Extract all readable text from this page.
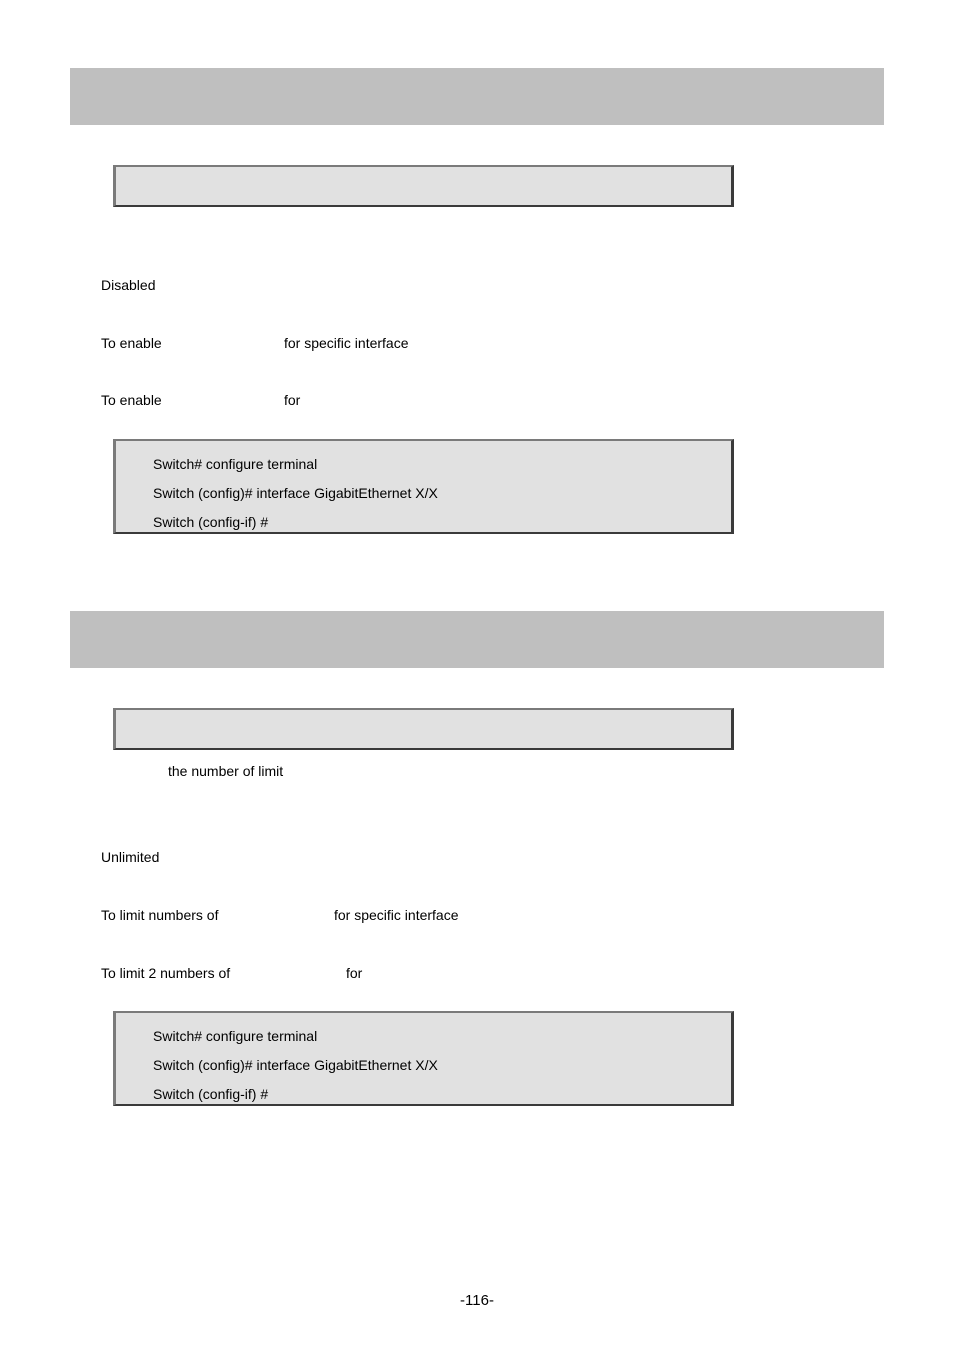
Disabled
To enable	for specific interface
To enable	for
Switch# configure terminal
Switch (config)# interface GigabitEthernet X/X
Switch (config-if) #
the number of limit
Unlimited
To limit numbers of	for specific interface
To limit 2 numbers of	for
Switch# configure terminal
Switch (config)# interface GigabitEthernet X/X
Switch (config-if) #
-116-
